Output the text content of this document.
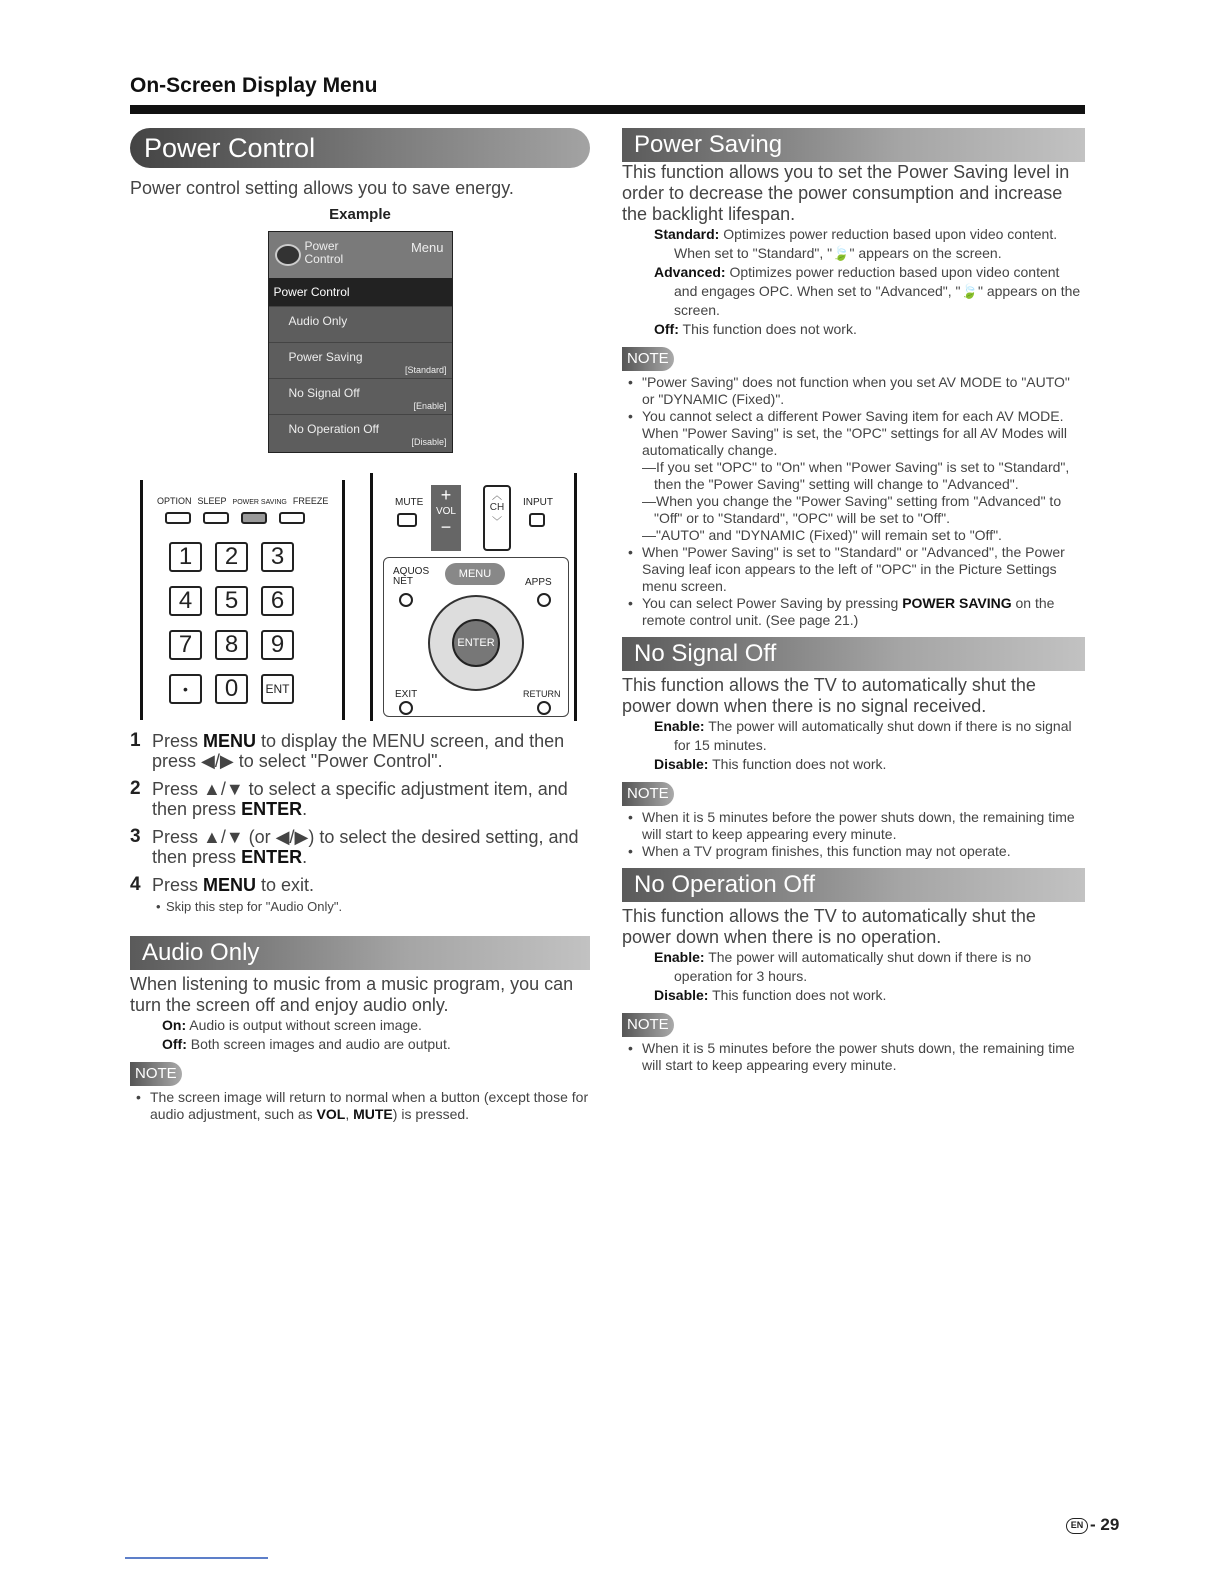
On-Screen Display Menu
Power Control
Power control setting allows you to save energy.
Example
Power
Control
Menu
Power Control
Audio Only
Power Saving
[Standard]
No Signal Off
[Enable]
No Operation Off
[Disable]
OPTION SLEEP POWER SAVING FREEZE
1	2	3
4	5	6
7	8	9
•	0	ENT
MUTE +
VOL
−
︿
CH
﹀
INPUT
AQUOS NET
MENU
APPS
ENTER
EXIT	RETURN
1 Press MENU to display the MENU screen, and then press ◀/▶ to select "Power Control".
2 Press ▲/▼ to select a specific adjustment item, and then press ENTER.
3 Press ▲/▼ (or ◀/▶) to select the desired setting, and then press ENTER.
4 Press MENU to exit.
• Skip this step for "Audio Only".
Audio Only
When listening to music from a music program, you can turn the screen off and enjoy audio only.
On: Audio is output without screen image.
Off: Both screen images and audio are output.
NOTE
• The screen image will return to normal when a button (except those for audio adjustment, such as VOL, MUTE) is pressed.
Power Saving
This function allows you to set the Power Saving level in order to decrease the power consumption and increase the backlight lifespan.
Standard: Optimizes power reduction based upon video content. When set to "Standard", "🍃" appears on the screen.
Advanced: Optimizes power reduction based upon video content and engages OPC. When set to "Advanced", "🍃" appears on the screen.
Off: This function does not work.
NOTE
• "Power Saving" does not function when you set AV MODE to "AUTO" or "DYNAMIC (Fixed)".
• You cannot select a different Power Saving item for each AV MODE.
When "Power Saving" is set, the "OPC" settings for all AV Modes will automatically change.
—If you set "OPC" to "On" when "Power Saving" is set to "Standard", then the "Power Saving" setting will change to "Advanced".
—When you change the "Power Saving" setting from "Advanced" to "Off" or to "Standard", "OPC" will be set to "Off".
—"AUTO" and "DYNAMIC (Fixed)" will remain set to "Off".
• When "Power Saving" is set to "Standard" or "Advanced", the Power Saving leaf icon appears to the left of "OPC" in the Picture Settings menu screen.
• You can select Power Saving by pressing POWER SAVING on the remote control unit. (See page 21.)
No Signal Off
This function allows the TV to automatically shut the power down when there is no signal received.
Enable: The power will automatically shut down if there is no signal for 15 minutes.
Disable: This function does not work.
NOTE
• When it is 5 minutes before the power shuts down, the remaining time will start to keep appearing every minute.
• When a TV program finishes, this function may not operate.
No Operation Off
This function allows the TV to automatically shut the power down when there is no operation.
Enable: The power will automatically shut down if there is no operation for 3 hours.
Disable: This function does not work.
NOTE
• When it is 5 minutes before the power shuts down, the remaining time will start to keep appearing every minute.
EN - 29
